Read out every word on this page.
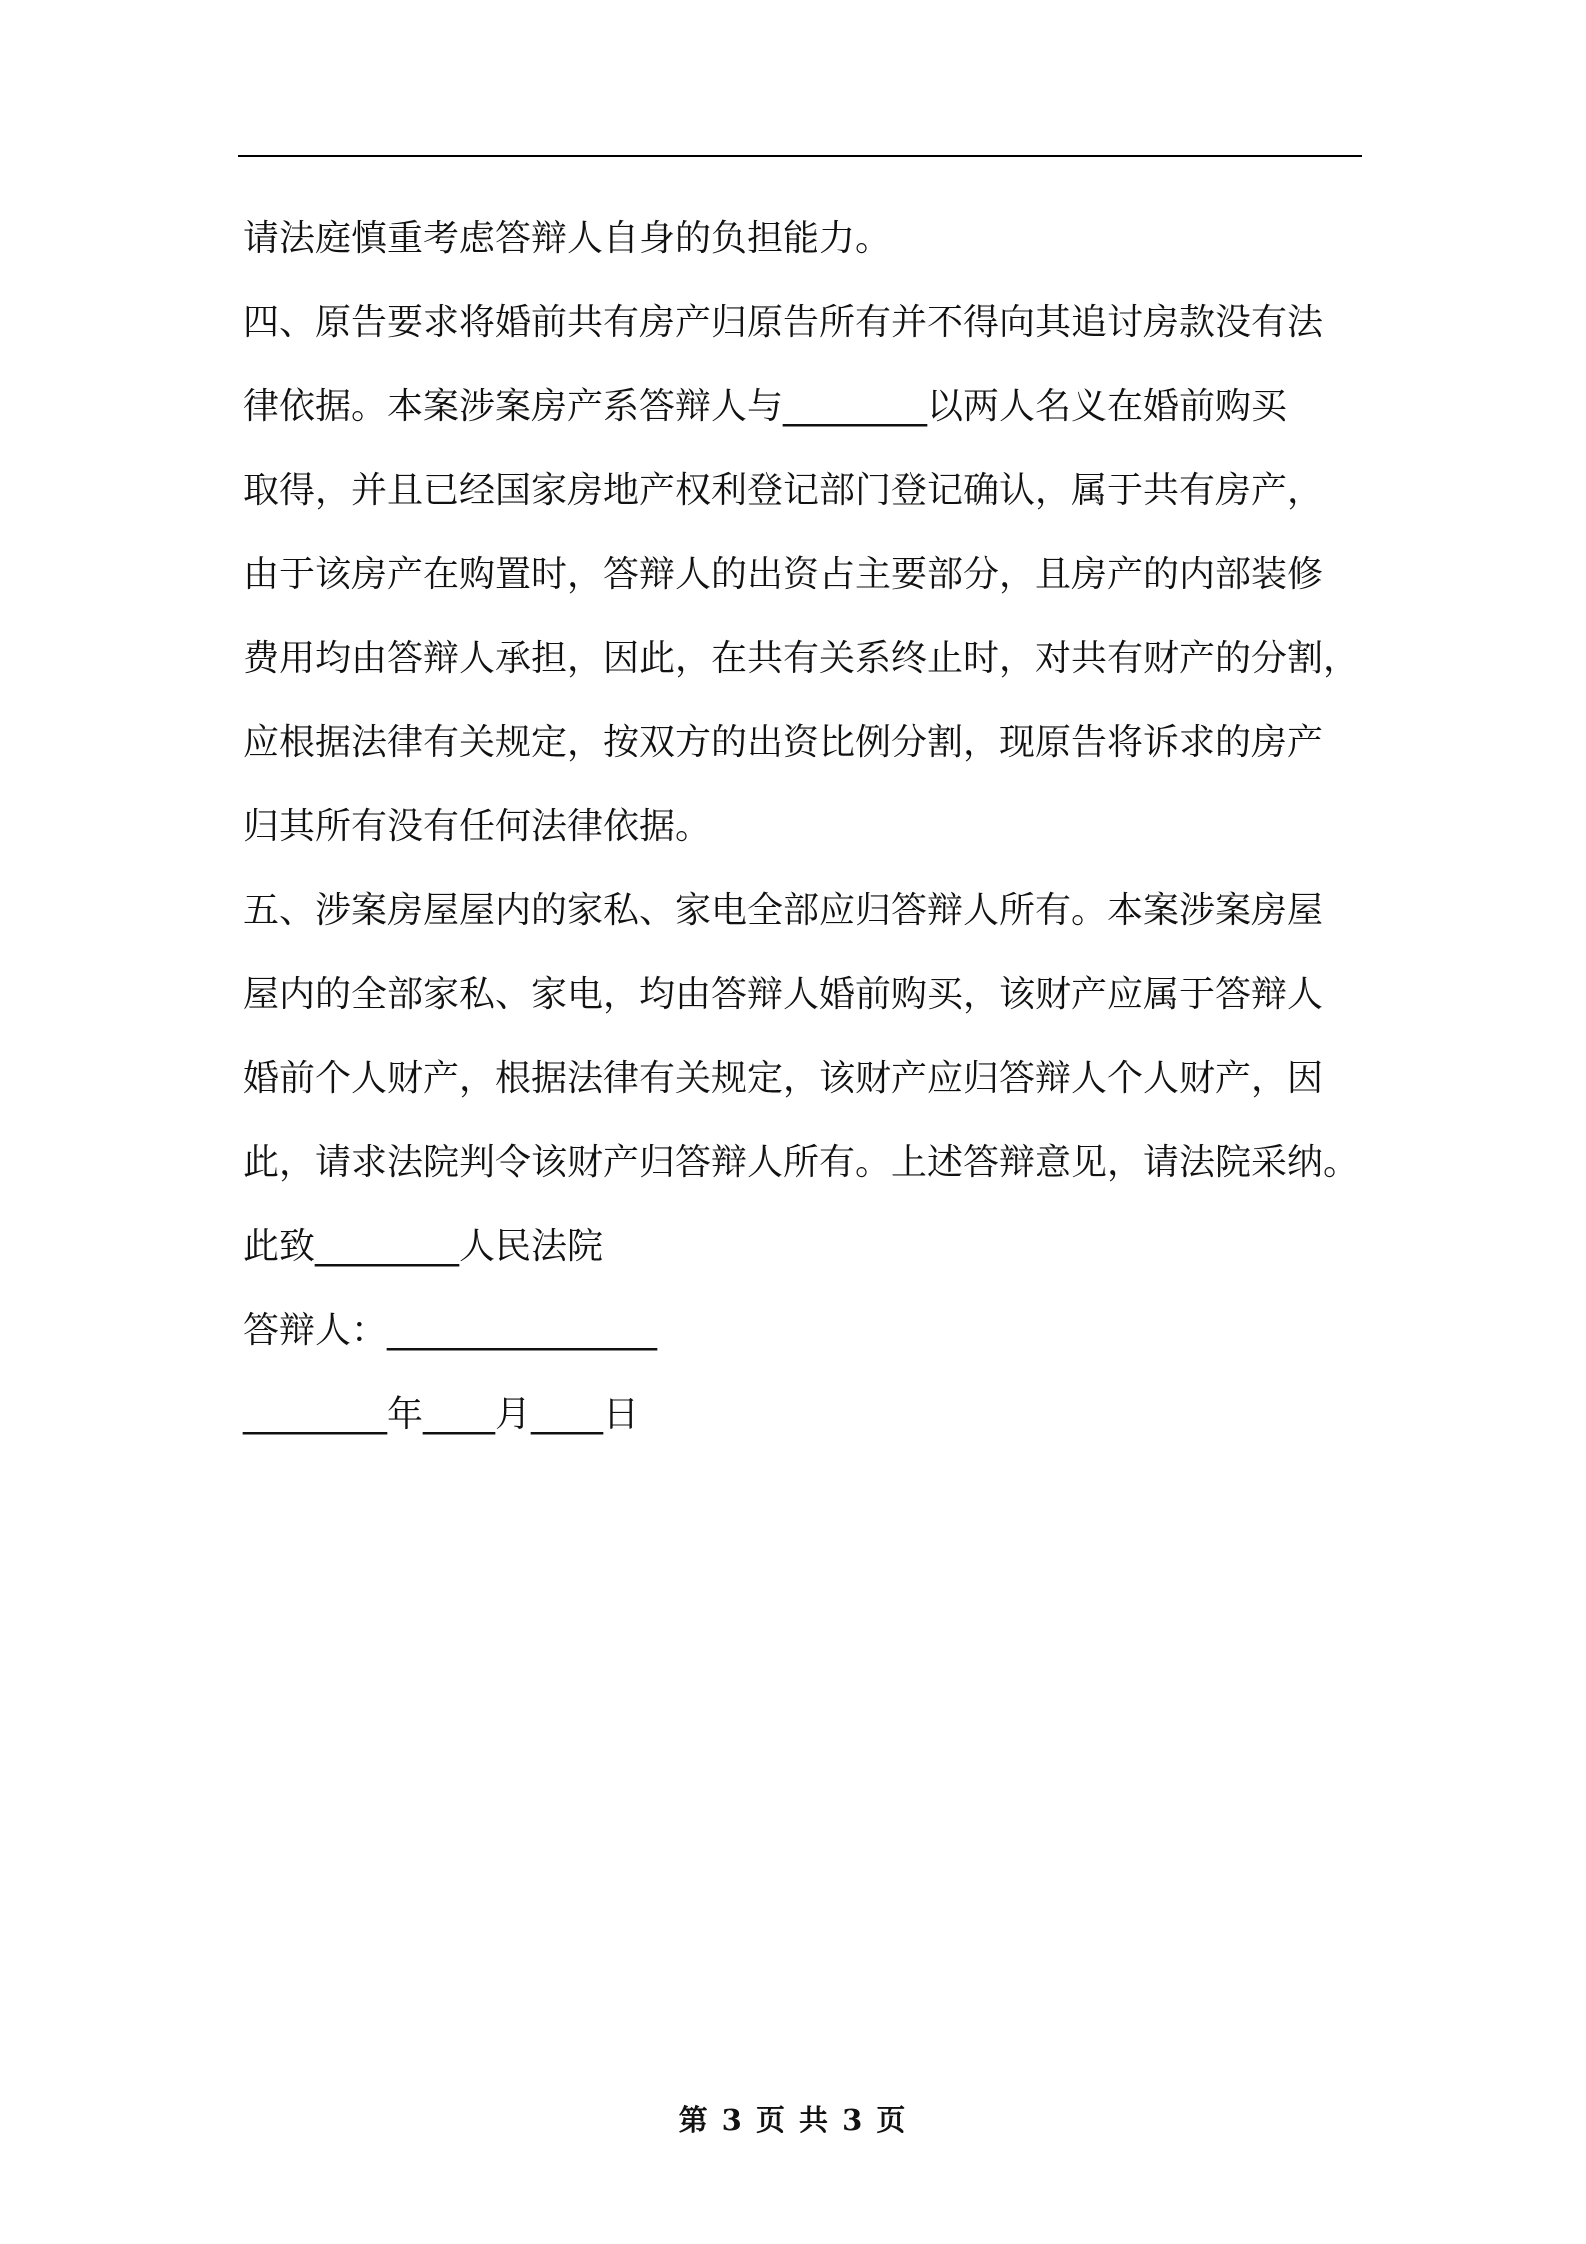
请法庭慎重考虑答辩人自身的负担能力。
四、原告要求将婚前共有房产归原告所有并不得向其追讨房款没有法
律依据。本案涉案房产系答辩人与________以两人名义在婚前购买
取得，并且已经国家房地产权利登记部门登记确认，属于共有房产，
由于该房产在购置时，答辩人的出资占主要部分，且房产的内部装修
费用均由答辩人承担，因此，在共有关系终止时，对共有财产的分割，
应根据法律有关规定，按双方的出资比例分割，现原告将诉求的房产
归其所有没有任何法律依据。
五、涉案房屋屋内的家私、家电全部应归答辩人所有。本案涉案房屋
屋内的全部家私、家电，均由答辩人婚前购买，该财产应属于答辩人
婚前个人财产，根据法律有关规定，该财产应归答辩人个人财产，因
此，请求法院判令该财产归答辩人所有。上述答辩意见，请法院采纳。
此致________人民法院
答辩人：_______________
________年____月____日
第 3 页 共 3 页
